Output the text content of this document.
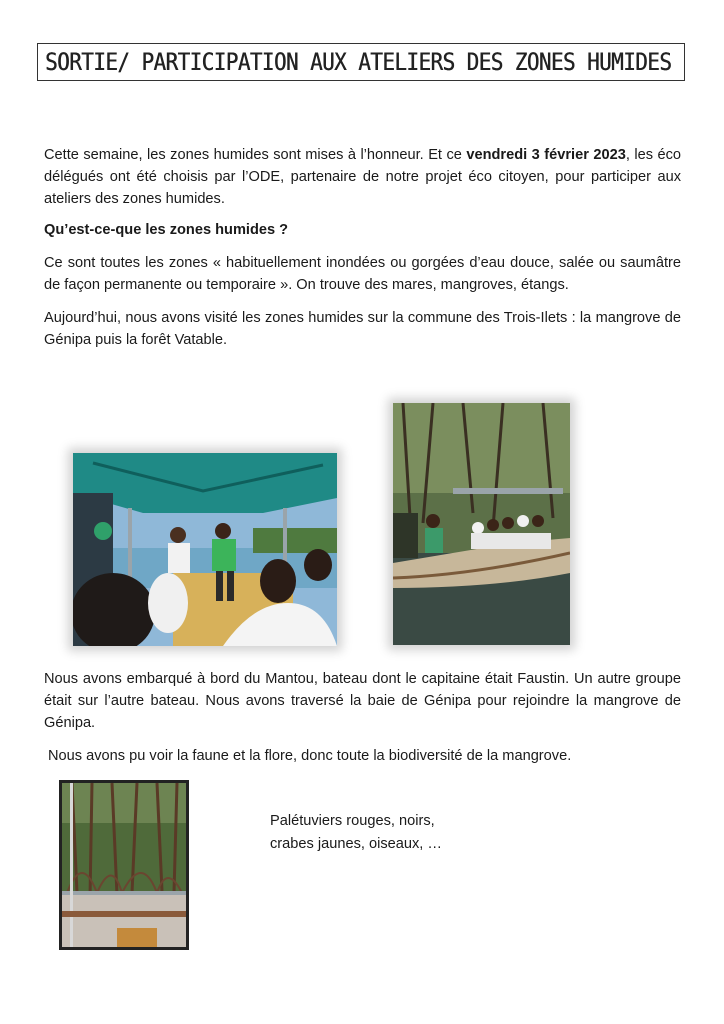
SORTIE/ PARTICIPATION AUX ATELIERS DES ZONES HUMIDES

Cette semaine, les zones humides sont mises à l’honneur. Et ce vendredi 3 février 2023, les éco délégués ont été choisis par l’ODE, partenaire de notre projet éco citoyen, pour participer aux ateliers des zones humides.

Qu’est-ce-que les zones humides ?

Ce sont toutes les zones « habituellement inondées ou gorgées d’eau douce, salée ou saumâtre de façon permanente ou temporaire ». On trouve des mares, mangroves, étangs.

Aujourd’hui, nous avons visité les zones humides sur la commune des Trois-Ilets : la mangrove de Génipa puis la forêt Vatable.

Nous avons embarqué à bord du Mantou, bateau dont le capitaine était Faustin. Un autre groupe était sur l’autre bateau. Nous avons traversé la baie de Génipa pour rejoindre la mangrove de Génipa.

Nous avons pu voir la faune et la flore, donc toute la biodiversité de la mangrove.

Palétuviers rouges, noirs,
crabes jaunes, oiseaux, …
